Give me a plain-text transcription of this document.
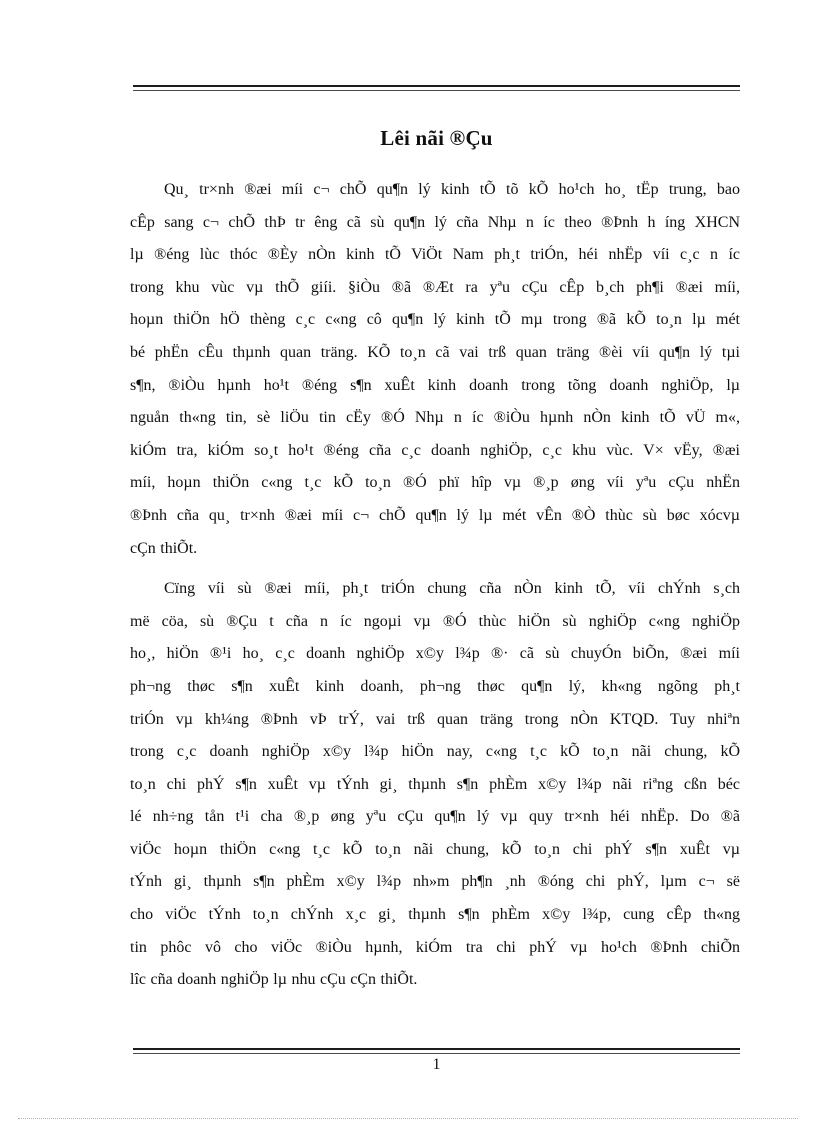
Lêi nãi ®Çu
Qu¸ tr×nh ®æi míi c¬ chÕ qu¶n lý kinh tÕ tõ kÕ ho¹ch ho¸ tËp trung, bao
cÊp sang c¬ chÕ thÞ tr êng cã sù qu¶n lý cña Nhµ n íc theo ®Þnh h íng XHCN
lµ ®éng lùc thóc ®Èy nÒn kinh tÕ ViÖt Nam ph¸t triÓn, héi nhËp víi c¸c n íc
trong khu vùc vµ thÕ giíi. §iÒu ®ã ®Æt ra yªu cÇu cÊp b¸ch ph¶i ®æi míi,
hoµn thiÖn hÖ thèng c¸c c«ng cô qu¶n lý kinh tÕ mµ trong ®ã kÕ to¸n lµ mét
bé phËn cÊu thµnh quan träng. KÕ to¸n cã vai trß quan träng ®èi víi qu¶n lý tµi
s¶n, ®iÒu hµnh ho¹t ®éng s¶n xuÊt kinh doanh trong tõng doanh nghiÖp, lµ
nguån th«ng tin, sè liÖu tin cËy ®Ó Nhµ n íc ®iÒu hµnh nÒn kinh tÕ vÜ m«,
kiÓm tra, kiÓm so¸t ho¹t ®éng cña c¸c doanh nghiÖp, c¸c khu vùc. V× vËy, ®æi
míi, hoµn thiÖn c«ng t¸c kÕ to¸n ®Ó phï hîp vµ ®¸p øng víi yªu cÇu nhËn
®Þnh cña qu¸ tr×nh ®æi míi c¬ chÕ qu¶n lý lµ mét vÊn ®Ò thùc sù bøc xócvµ
cÇn thiÕt.
Cïng víi sù ®æi míi, ph¸t triÓn chung cña nÒn kinh tÕ, víi chÝnh s¸ch
më cöa, sù ®Çu t cña n íc ngoµi vµ ®Ó thùc hiÖn sù nghiÖp c«ng nghiÖp
ho¸, hiÖn ®¹i ho¸ c¸c doanh nghiÖp x©y l¾p ®· cã sù chuyÓn biÕn, ®æi míi
ph¬ng thøc s¶n xuÊt kinh doanh, ph¬ng thøc qu¶n lý, kh«ng ngõng ph¸t
triÓn vµ kh¼ng ®Þnh vÞ trÝ, vai trß quan träng trong nÒn KTQD. Tuy nhiªn
trong c¸c doanh nghiÖp x©y l¾p hiÖn nay, c«ng t¸c kÕ to¸n nãi chung, kÕ
to¸n chi phÝ s¶n xuÊt vµ tÝnh gi¸ thµnh s¶n phÈm x©y l¾p nãi riªng cßn béc
lé nh÷ng tån t¹i cha ®¸p øng yªu cÇu qu¶n lý vµ quy tr×nh héi nhËp. Do ®ã
viÖc hoµn thiÖn c«ng t¸c kÕ to¸n nãi chung, kÕ to¸n chi phÝ s¶n xuÊt vµ
tÝnh gi¸ thµnh s¶n phÈm x©y l¾p nh»m ph¶n ¸nh ®óng chi phÝ, lµm c¬ së
cho viÖc tÝnh to¸n chÝnh x¸c gi¸ thµnh s¶n phÈm x©y l¾p, cung cÊp th«ng
tin phôc vô cho viÖc ®iÒu hµnh, kiÓm tra chi phÝ vµ ho¹ch ®Þnh chiÕn
lîc cña doanh nghiÖp lµ nhu cÇu cÇn thiÕt.
1
